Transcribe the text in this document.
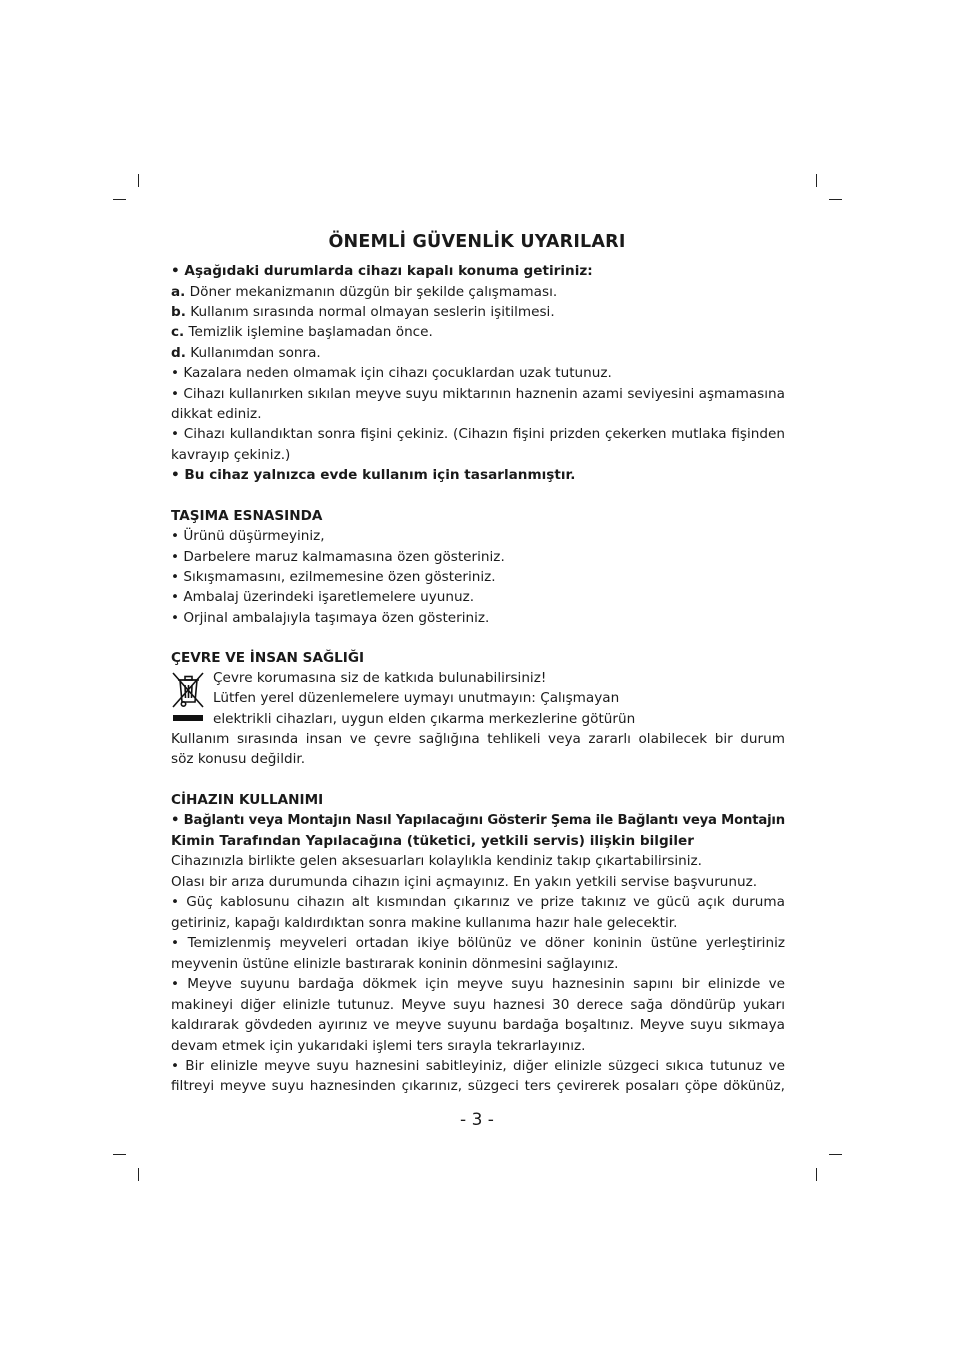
ÖNEMLİ GÜVENLİK UYARILARI
• Aşağıdaki durumlarda cihazı kapalı konuma getiriniz:
a. Döner mekanizmanın düzgün bir şekilde çalışmaması.
b. Kullanım sırasında normal olmayan seslerin işitilmesi.
c. Temizlik işlemine başlamadan önce.
d. Kullanımdan sonra.
• Kazalara neden olmamak için cihazı çocuklardan uzak tutunuz.
• Cihazı kullanırken sıkılan meyve suyu miktarının haznenin azami seviyesini aşmamasına
dikkat ediniz.
• Cihazı kullandıktan sonra fişini çekiniz. (Cihazın fişini prizden çekerken mutlaka fişinden
kavrayıp çekiniz.)
• Bu cihaz yalnızca evde kullanım için tasarlanmıştır.
TAŞIMA ESNASINDA
• Ürünü düşürmeyiniz,
• Darbelere maruz kalmamasına özen gösteriniz.
• Sıkışmamasını, ezilmemesine özen gösteriniz.
• Ambalaj üzerindeki işaretlemelere uyunuz.
• Orjinal ambalajıyla taşımaya özen gösteriniz.
ÇEVRE VE İNSAN SAĞLIĞI
Çevre korumasına siz de katkıda bulunabilirsiniz!
Lütfen yerel düzenlemelere uymayı unutmayın: Çalışmayan
elektrikli cihazları, uygun elden çıkarma merkezlerine götürün
Kullanım sırasında insan ve çevre sağlığına tehlikeli veya zararlı olabilecek bir durum
söz konusu değildir.
CİHAZIN KULLANIMI
• Bağlantı veya Montajın Nasıl Yapılacağını Gösterir Şema ile Bağlantı veya Montajın
Kimin Tarafından Yapılacağına (tüketici, yetkili servis) ilişkin bilgiler
Cihazınızla birlikte gelen aksesuarları kolaylıkla kendiniz takıp çıkartabilirsiniz.
Olası bir arıza durumunda cihazın içini açmayınız. En yakın yetkili servise başvurunuz.
• Güç kablosunu cihazın alt kısmından çıkarınız ve prize takınız ve gücü açık duruma
getiriniz, kapağı kaldırdıktan sonra makine kullanıma hazır hale gelecektir.
• Temizlenmiş meyveleri ortadan ikiye bölünüz ve döner koninin üstüne yerleştiriniz
meyvenin üstüne elinizle bastırarak koninin dönmesini sağlayınız.
• Meyve suyunu bardağa dökmek için meyve suyu haznesinin sapını bir elinizde ve
makineyi diğer elinizle tutunuz. Meyve suyu haznesi 30 derece sağa döndürüp yukarı
kaldırarak gövdeden ayırınız ve meyve suyunu bardağa boşaltınız. Meyve suyu sıkmaya
devam etmek için yukarıdaki işlemi ters sırayla tekrarlayınız.
• Bir elinizle meyve suyu haznesini sabitleyiniz, diğer elinizle süzgeci sıkıca tutunuz ve
filtreyi meyve suyu haznesinden çıkarınız, süzgeci ters çevirerek posaları çöpe dökünüz,
- 3 -
